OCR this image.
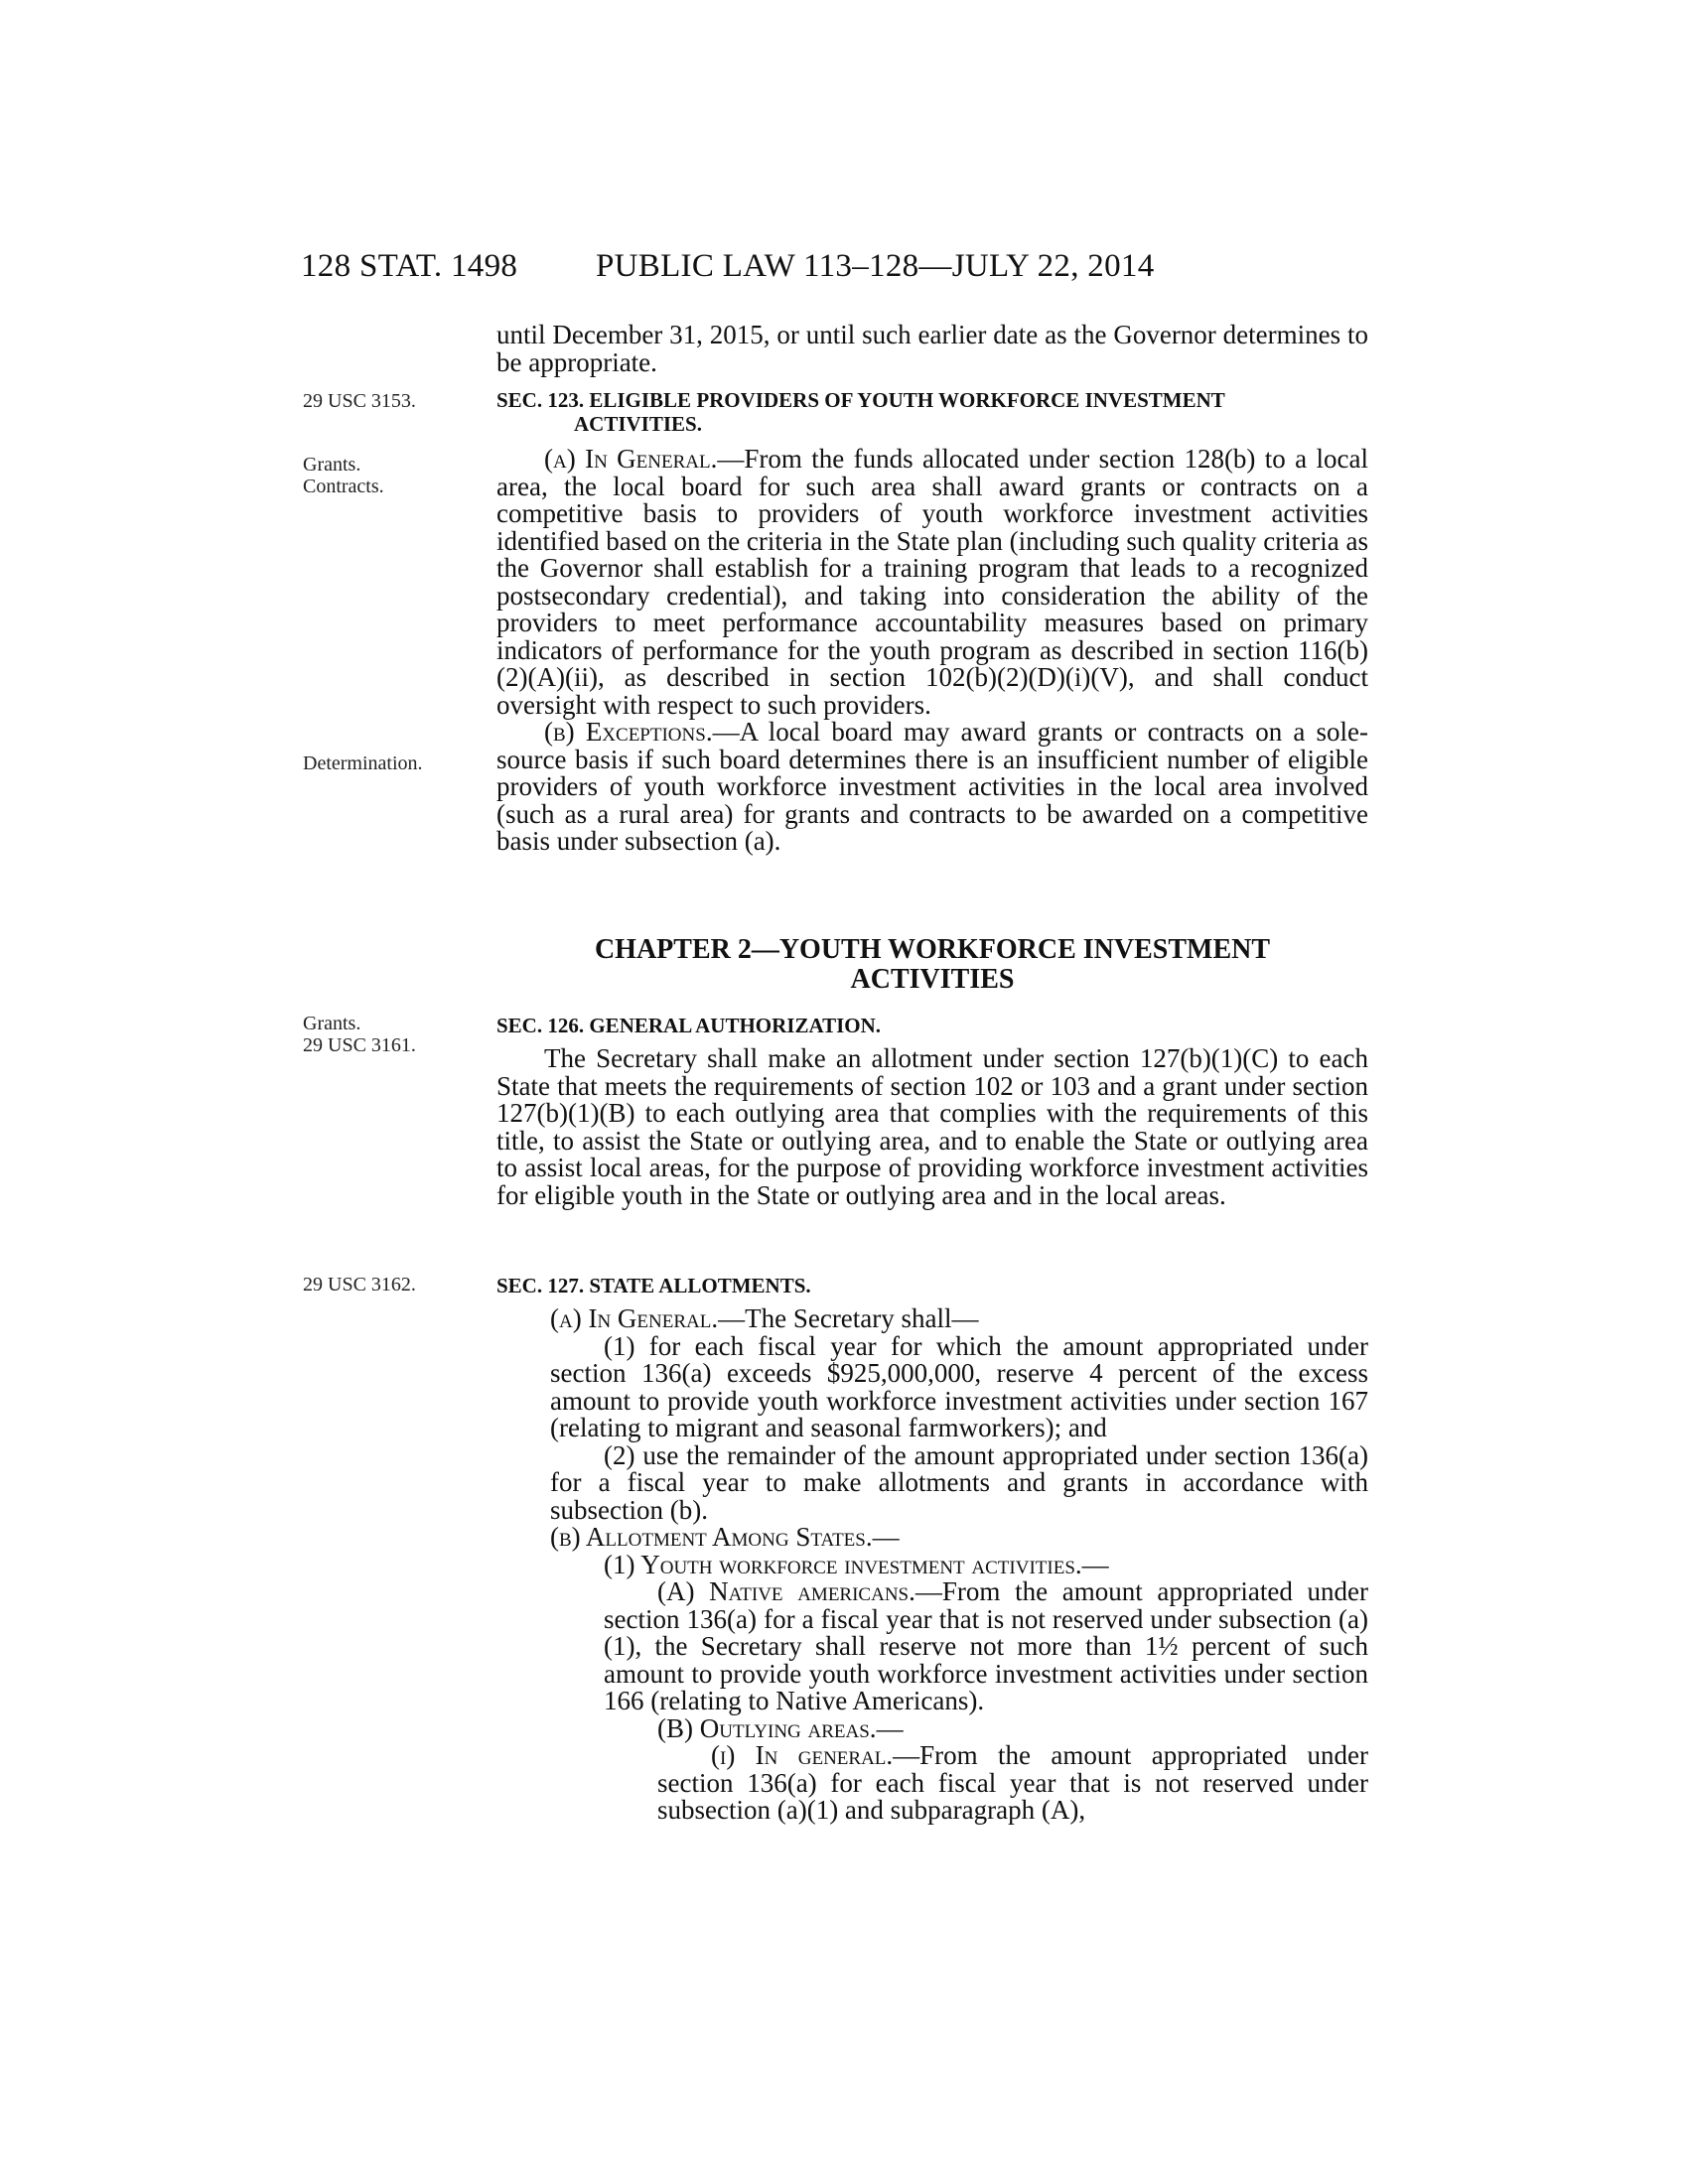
128 STAT. 1498 PUBLIC LAW 113–128—JULY 22, 2014
29 USC 3153.
Grants.
Contracts.
Determination.
Grants.
29 USC 3161.
29 USC 3162.

until December 31, 2015, or until such earlier date as the Governor determines to be appropriate.

SEC. 123. ELIGIBLE PROVIDERS OF YOUTH WORKFORCE INVESTMENT
ACTIVITIES.

(a) In General.—From the funds allocated under section 128(b) to a local area, the local board for such area shall award grants or contracts on a competitive basis to providers of youth workforce investment activities identified based on the criteria in the State plan (including such quality criteria as the Governor shall establish for a training program that leads to a recognized postsecondary credential), and taking into consideration the ability of the providers to meet performance accountability measures based on primary indicators of performance for the youth program as described in section 116(b)(2)(A)(ii), as described in section 102(b)(2)(D)(i)(V), and shall conduct oversight with respect to such providers.

(b) Exceptions.—A local board may award grants or contracts on a sole-source basis if such board determines there is an insufficient number of eligible providers of youth workforce investment activities in the local area involved (such as a rural area) for grants and contracts to be awarded on a competitive basis under subsection (a).

CHAPTER 2—YOUTH WORKFORCE INVESTMENT
ACTIVITIES
SEC. 126. GENERAL AUTHORIZATION.

The Secretary shall make an allotment under section 127(b)(1)(C) to each State that meets the requirements of section 102 or 103 and a grant under section 127(b)(1)(B) to each outlying area that complies with the requirements of this title, to assist the State or outlying area, and to enable the State or outlying area to assist local areas, for the purpose of providing workforce investment activities for eligible youth in the State or outlying area and in the local areas.

SEC. 127. STATE ALLOTMENTS.

(a) In General.—The Secretary shall—

(1) for each fiscal year for which the amount appropriated under section 136(a) exceeds $925,000,000, reserve 4 percent of the excess amount to provide youth workforce investment activities under section 167 (relating to migrant and seasonal farmworkers); and

(2) use the remainder of the amount appropriated under section 136(a) for a fiscal year to make allotments and grants in accordance with subsection (b).

(b) Allotment Among States.—

(1) Youth workforce investment activities.—

(A) Native americans.—From the amount appropriated under section 136(a) for a fiscal year that is not reserved under subsection (a)(1), the Secretary shall reserve not more than 1½ percent of such amount to provide youth workforce investment activities under section 166 (relating to Native Americans).

(B) Outlying areas.—

(i) In general.—From the amount appropriated under section 136(a) for each fiscal year that is not reserved under subsection (a)(1) and subparagraph (A),
